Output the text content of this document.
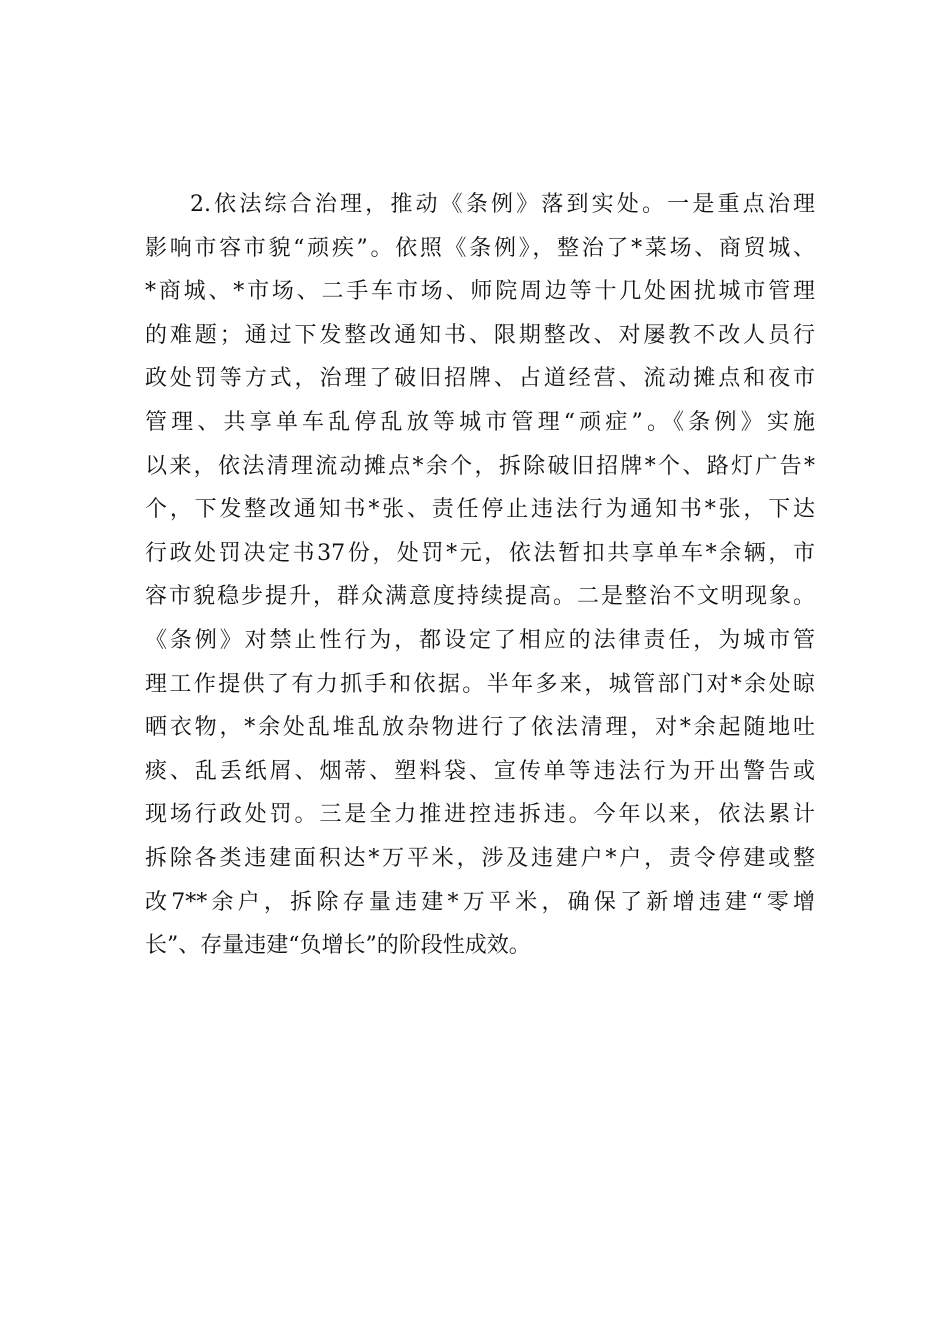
2.依法综合治理，推动《条例》落到实处。一是重点治理
影响市容市貌“顽疾”。依照《条例》，整治了*菜场、商贸城、
*商城、*市场、二手车市场、师院周边等十几处困扰城市管理
的难题；通过下发整改通知书、限期整改、对屡教不改人员行
政处罚等方式，治理了破旧招牌、占道经营、流动摊点和夜市
管理、共享单车乱停乱放等城市管理“顽症”。《条例》实施
以来，依法清理流动摊点*余个，拆除破旧招牌*个、路灯广告*
个，下发整改通知书*张、责任停止违法行为通知书*张，下达
行政处罚决定书37份，处罚*元，依法暂扣共享单车*余辆，市
容市貌稳步提升，群众满意度持续提高。二是整治不文明现象。
《条例》对禁止性行为，都设定了相应的法律责任，为城市管
理工作提供了有力抓手和依据。半年多来，城管部门对*余处晾
晒衣物，*余处乱堆乱放杂物进行了依法清理，对*余起随地吐
痰、乱丢纸屑、烟蒂、塑料袋、宣传单等违法行为开出警告或
现场行政处罚。三是全力推进控违拆违。今年以来，依法累计
拆除各类违建面积达*万平米，涉及违建户*户，责令停建或整
改7**余户，拆除存量违建*万平米，确保了新增违建“零增
长”、存量违建“负增长”的阶段性成效。
